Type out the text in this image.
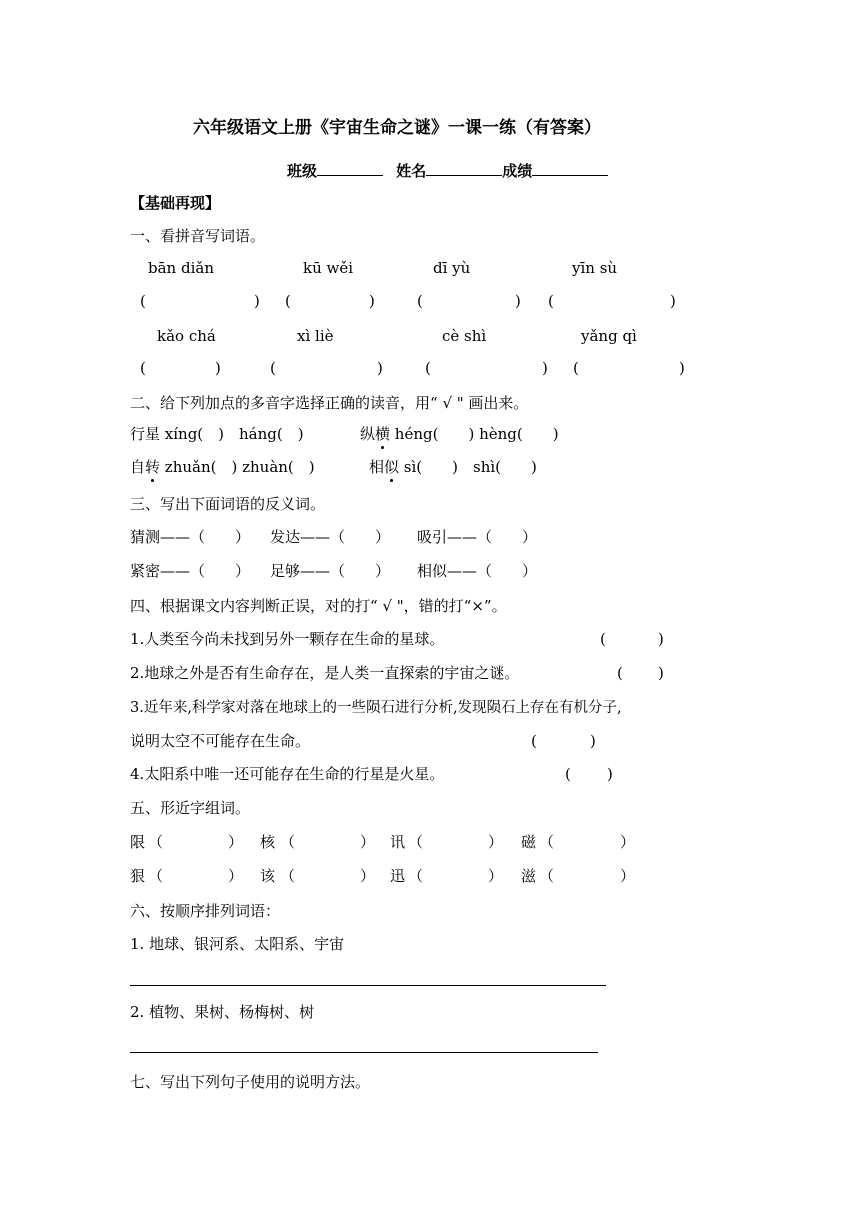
六年级语文上册《宇宙生命之谜》一课一练（有答案）
班级	姓名	成绩
【基础再现】
一、看拼音写词语。
bān diǎn	kū wěi	dī yù	yīn sù
(	) (	)	(	) (	)
kǎo chá	xì liè	cè shì	yǎng qì
(	)	(	)	(	) (	)
二、给下列加点的多音字选择正确的读音，用“ √ " 画出来。
行星 xíng(　)　háng(　)	纵横 héng(　　) hèng(　　)
自转 zhuǎn(　) zhuàn(　)	相似 sì(　　)　shì(　　)
三、写出下面词语的反义词。
猜测——（　　） 发达——（　　） 吸引——（　　）
紧密——（　　） 足够——（　　） 相似——（　　）
四、根据课文内容判断正误，对的打“ √ "，错的打“×”。
1.人类至今尚未找到另外一颗存在生命的星球。	(	)
2.地球之外是否有生命存在，是人类一直探索的宇宙之谜。	( )
3.近年来,科学家对落在地球上的一些陨石进行分析,发现陨石上存在有机分子,
说明太空不可能存在生命。	(	)
4.太阳系中唯一还可能存在生命的行星是火星。	( )
五、形近字组词。
限 （	） 核 （	） 讯 （	） 磁 （	）
狠 （	） 该 （	） 迅 （	） 滋 （	）
六、按顺序排列词语：
1. 地球、银河系、太阳系、宇宙
2. 植物、果树、杨梅树、树
七、写出下列句子使用的说明方法。
